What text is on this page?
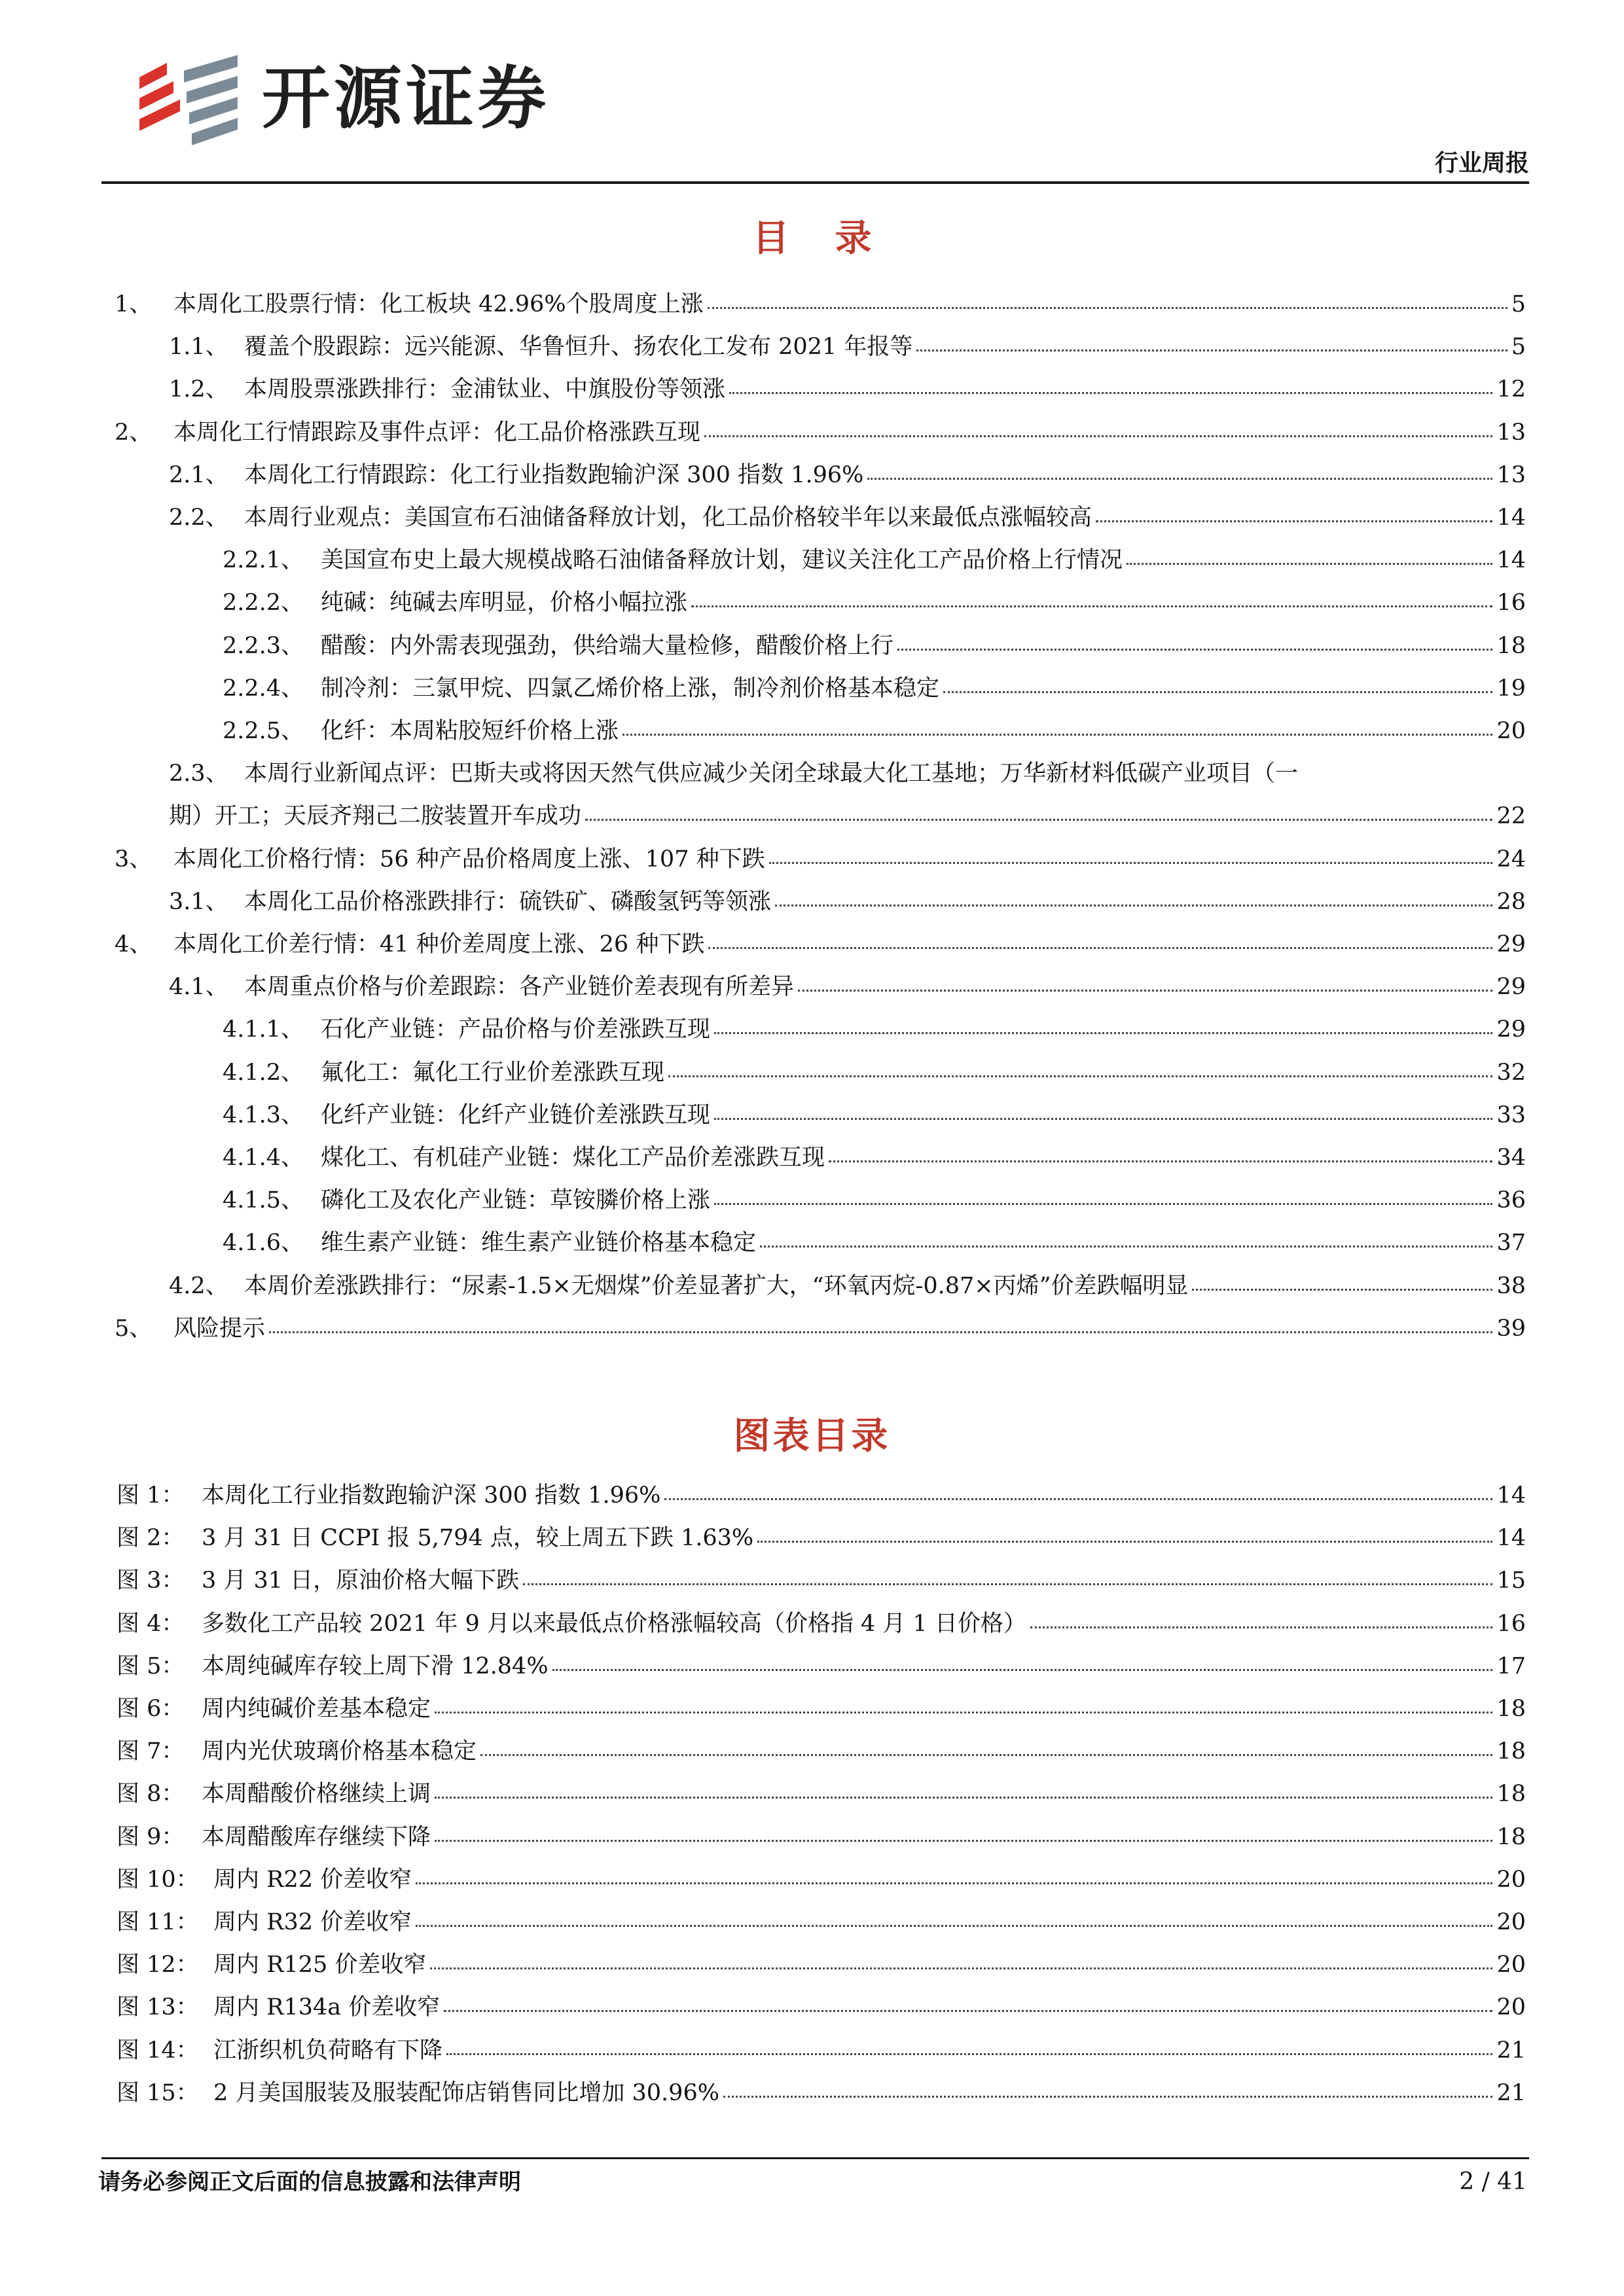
开源证券
行业周报
目录
1、 本周化工股票行情：化工板块 42.96%个股周度上涨	5
1.1、 覆盖个股跟踪：远兴能源、华鲁恒升、扬农化工发布 2021 年报等	5
1.2、 本周股票涨跌排行：金浦钛业、中旗股份等领涨	12
2、 本周化工行情跟踪及事件点评：化工品价格涨跌互现	13
2.1、 本周化工行情跟踪：化工行业指数跑输沪深 300 指数 1.96%	13
2.2、 本周行业观点：美国宣布石油储备释放计划，化工品价格较半年以来最低点涨幅较高	14
2.2.1、 美国宣布史上最大规模战略石油储备释放计划，建议关注化工产品价格上行情况	14
2.2.2、 纯碱：纯碱去库明显，价格小幅拉涨	16
2.2.3、 醋酸：内外需表现强劲，供给端大量检修，醋酸价格上行	18
2.2.4、 制冷剂：三氯甲烷、四氯乙烯价格上涨，制冷剂价格基本稳定	19
2.2.5、 化纤：本周粘胶短纤价格上涨	20
2.3、 本周行业新闻点评：巴斯夫或将因天然气供应减少关闭全球最大化工基地；万华新材料低碳产业项目（一
期）开工；天辰齐翔己二胺装置开车成功	22
3、 本周化工价格行情：56 种产品价格周度上涨、107 种下跌	24
3.1、 本周化工品价格涨跌排行：硫铁矿、磷酸氢钙等领涨	28
4、 本周化工价差行情：41 种价差周度上涨、26 种下跌	29
4.1、 本周重点价格与价差跟踪：各产业链价差表现有所差异	29
4.1.1、 石化产业链：产品价格与价差涨跌互现	29
4.1.2、 氟化工：氟化工行业价差涨跌互现	32
4.1.3、 化纤产业链：化纤产业链价差涨跌互现	33
4.1.4、 煤化工、有机硅产业链：煤化工产品价差涨跌互现	34
4.1.5、 磷化工及农化产业链：草铵膦价格上涨	36
4.1.6、 维生素产业链：维生素产业链价格基本稳定	37
4.2、 本周价差涨跌排行：“尿素-1.5×无烟煤”价差显著扩大，“环氧丙烷-0.87×丙烯”价差跌幅明显	38
5、 风险提示	39
图表目录
图 1： 本周化工行业指数跑输沪深 300 指数 1.96%	14
图 2： 3 月 31 日 CCPI 报 5,794 点，较上周五下跌 1.63%	14
图 3： 3 月 31 日，原油价格大幅下跌	15
图 4： 多数化工产品较 2021 年 9 月以来最低点价格涨幅较高（价格指 4 月 1 日价格）	16
图 5： 本周纯碱库存较上周下滑 12.84%	17
图 6： 周内纯碱价差基本稳定	18
图 7： 周内光伏玻璃价格基本稳定	18
图 8： 本周醋酸价格继续上调	18
图 9： 本周醋酸库存继续下降	18
图 10： 周内 R22 价差收窄	20
图 11： 周内 R32 价差收窄	20
图 12： 周内 R125 价差收窄	20
图 13： 周内 R134a 价差收窄	20
图 14： 江浙织机负荷略有下降	21
图 15： 2 月美国服装及服装配饰店销售同比增加 30.96%	21
请务必参阅正文后面的信息披露和法律声明	2 / 41
